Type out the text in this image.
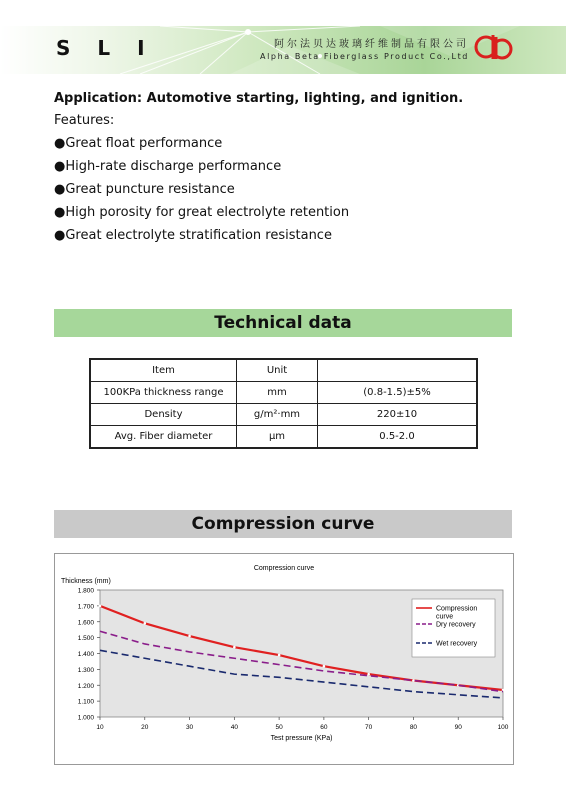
S L I	阿尔法贝达玻璃纤维制品有限公司
Alpha Beta Fiberglass Product Co.,Ltd
Application: Automotive starting, lighting, and ignition.
Features:
●Great float performance
●High-rate discharge performance
●Great puncture resistance
●High porosity for great electrolyte retention
●Great electrolyte stratification resistance
Technical data
Item	Unit	
100KPa thickness range	mm	(0.8-1.5)±5%
Density	g/m²·mm	220±10
Avg. Fiber diameter	μm	0.5-2.0
Compression curve
Compression curve
Thickness (mm)
Test pressure (KPa)
1.000
1.100
1.200
1.300
1.400
1.500
1.600
1.700
1.800
10	20	30	40	50	60	70	80	90	100
Compression curve
Dry recovery
Wet recovery
